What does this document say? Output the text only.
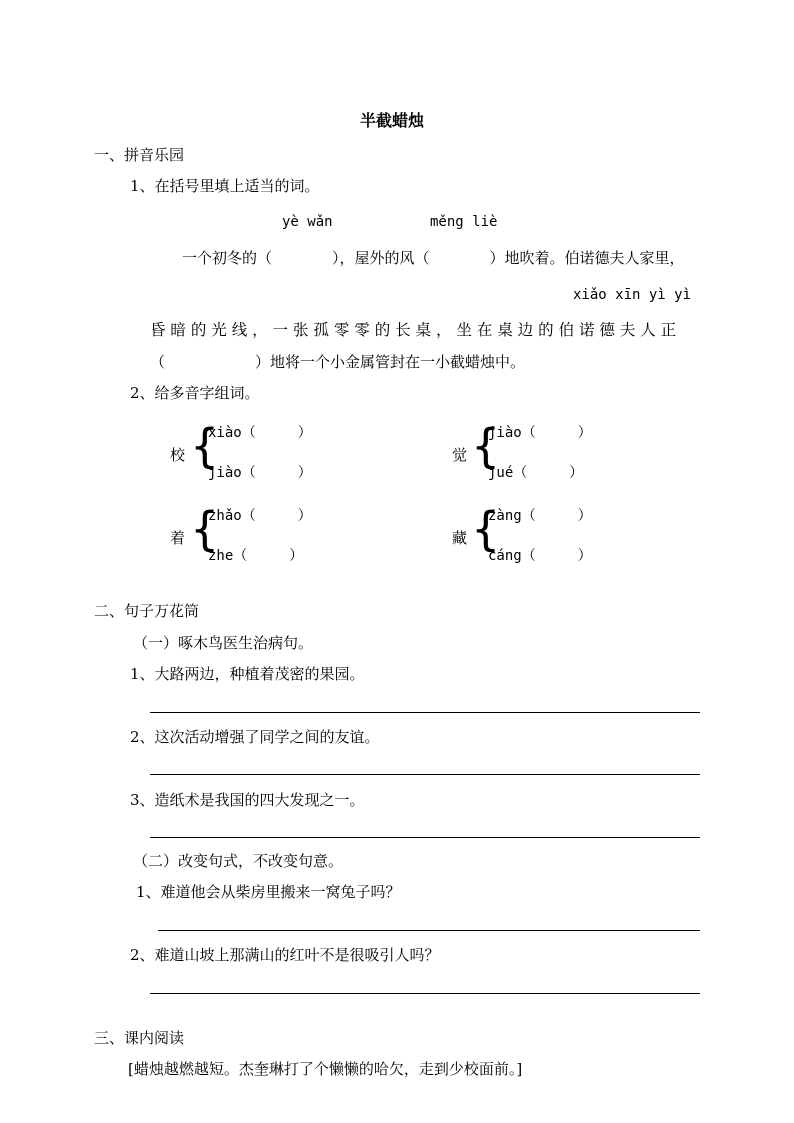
半截蜡烛
一、拼音乐园
1、在括号里填上适当的词。
yè wǎn	měng liè
一个初冬的（　　　　），屋外的风（　　　　）地吹着。伯诺德夫人家里，
xiǎo xīn yì yì
昏 暗 的 光 线 ， 一 张 孤 零 零 的 长 桌 ， 坐 在 桌 边 的 伯 诺 德 夫 人 正
（　　　　　　）地将一个小金属管封在一小截蜡烛中。
2、给多音字组词。
校 {
xiào（　　　）
jiào（　　　）
觉 {
jiào（　　　）
jué（　　　）
着 {
zhǎo（　　　）
zhe（　　　）
藏 {
zàng（　　　）
cáng（　　　）
二、句子万花筒
（一）啄木鸟医生治病句。
1、大路两边，种植着茂密的果园。
2、这次活动增强了同学之间的友谊。
3、造纸术是我国的四大发现之一。
（二）改变句式，不改变句意。
1、难道他会从柴房里搬来一窝兔子吗？
2、难道山坡上那满山的红叶不是很吸引人吗？
三、课内阅读
[蜡烛越燃越短。杰奎琳打了个懒懒的哈欠，走到少校面前。]
